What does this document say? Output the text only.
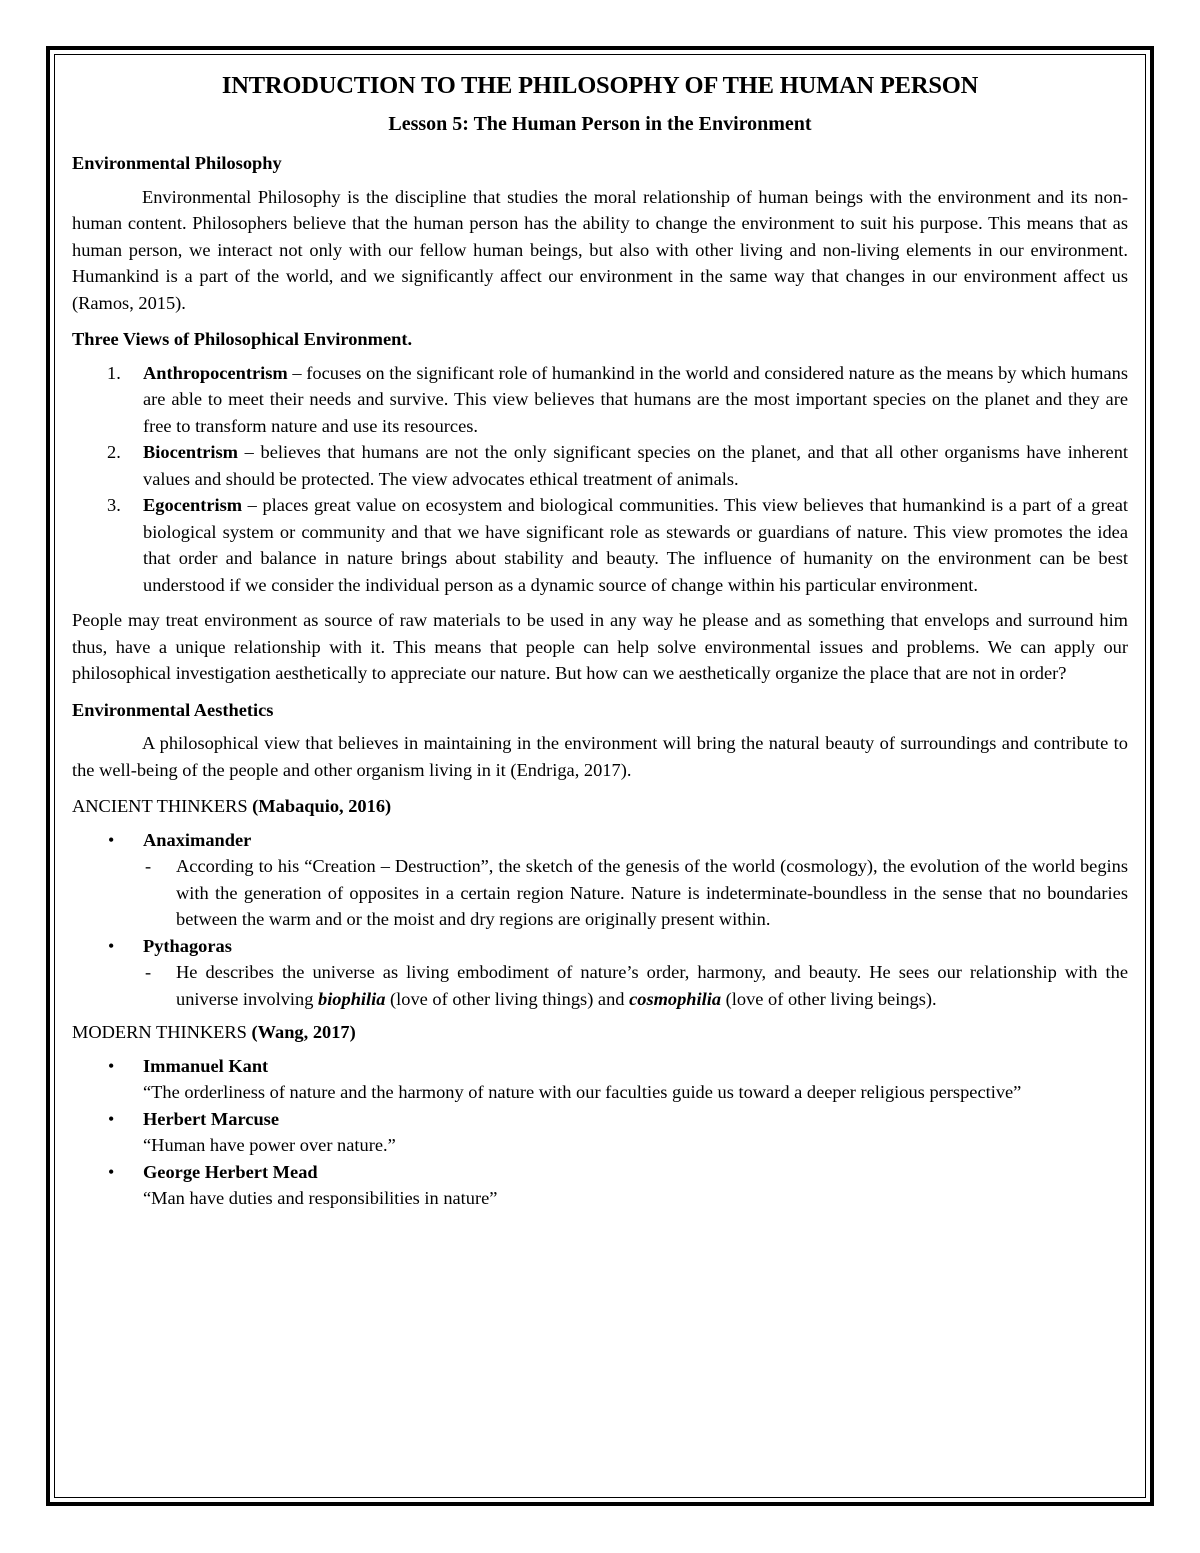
INTRODUCTION TO THE PHILOSOPHY OF THE HUMAN PERSON
Lesson 5: The Human Person in the Environment
Environmental Philosophy

Environmental Philosophy is the discipline that studies the moral relationship of human beings with the environment and its non-human content. Philosophers believe that the human person has the ability to change the environment to suit his purpose. This means that as human person, we interact not only with our fellow human beings, but also with other living and non-living elements in our environment. Humankind is a part of the world, and we significantly affect our environment in the same way that changes in our environment affect us (Ramos, 2015).

Three Views of Philosophical Environment.
1. Anthropocentrism – focuses on the significant role of humankind in the world and considered nature as the means by which humans are able to meet their needs and survive. This view believes that humans are the most important species on the planet and they are free to transform nature and use its resources.
2. Biocentrism – believes that humans are not the only significant species on the planet, and that all other organisms have inherent values and should be protected. The view advocates ethical treatment of animals.
3. Egocentrism – places great value on ecosystem and biological communities. This view believes that humankind is a part of a great biological system or community and that we have significant role as stewards or guardians of nature. This view promotes the idea that order and balance in nature brings about stability and beauty. The influence of humanity on the environment can be best understood if we consider the individual person as a dynamic source of change within his particular environment.

People may treat environment as source of raw materials to be used in any way he please and as something that envelops and surround him thus, have a unique relationship with it. This means that people can help solve environmental issues and problems. We can apply our philosophical investigation aesthetically to appreciate our nature. But how can we aesthetically organize the place that are not in order?

Environmental Aesthetics

A philosophical view that believes in maintaining in the environment will bring the natural beauty of surroundings and contribute to the well-being of the people and other organism living in it (Endriga, 2017).

ANCIENT THINKERS (Mabaquio, 2016)
• Anaximander
- According to his “Creation – Destruction”, the sketch of the genesis of the world (cosmology), the evolution of the world begins with the generation of opposites in a certain region Nature. Nature is indeterminate-boundless in the sense that no boundaries between the warm and or the moist and dry regions are originally present within.
• Pythagoras
- He describes the universe as living embodiment of nature’s order, harmony, and beauty. He sees our relationship with the universe involving biophilia (love of other living things) and cosmophilia (love of other living beings).
MODERN THINKERS (Wang, 2017)
• Immanuel Kant
“The orderliness of nature and the harmony of nature with our faculties guide us toward a deeper religious perspective”
• Herbert Marcuse
“Human have power over nature.”
• George Herbert Mead
“Man have duties and responsibilities in nature”
